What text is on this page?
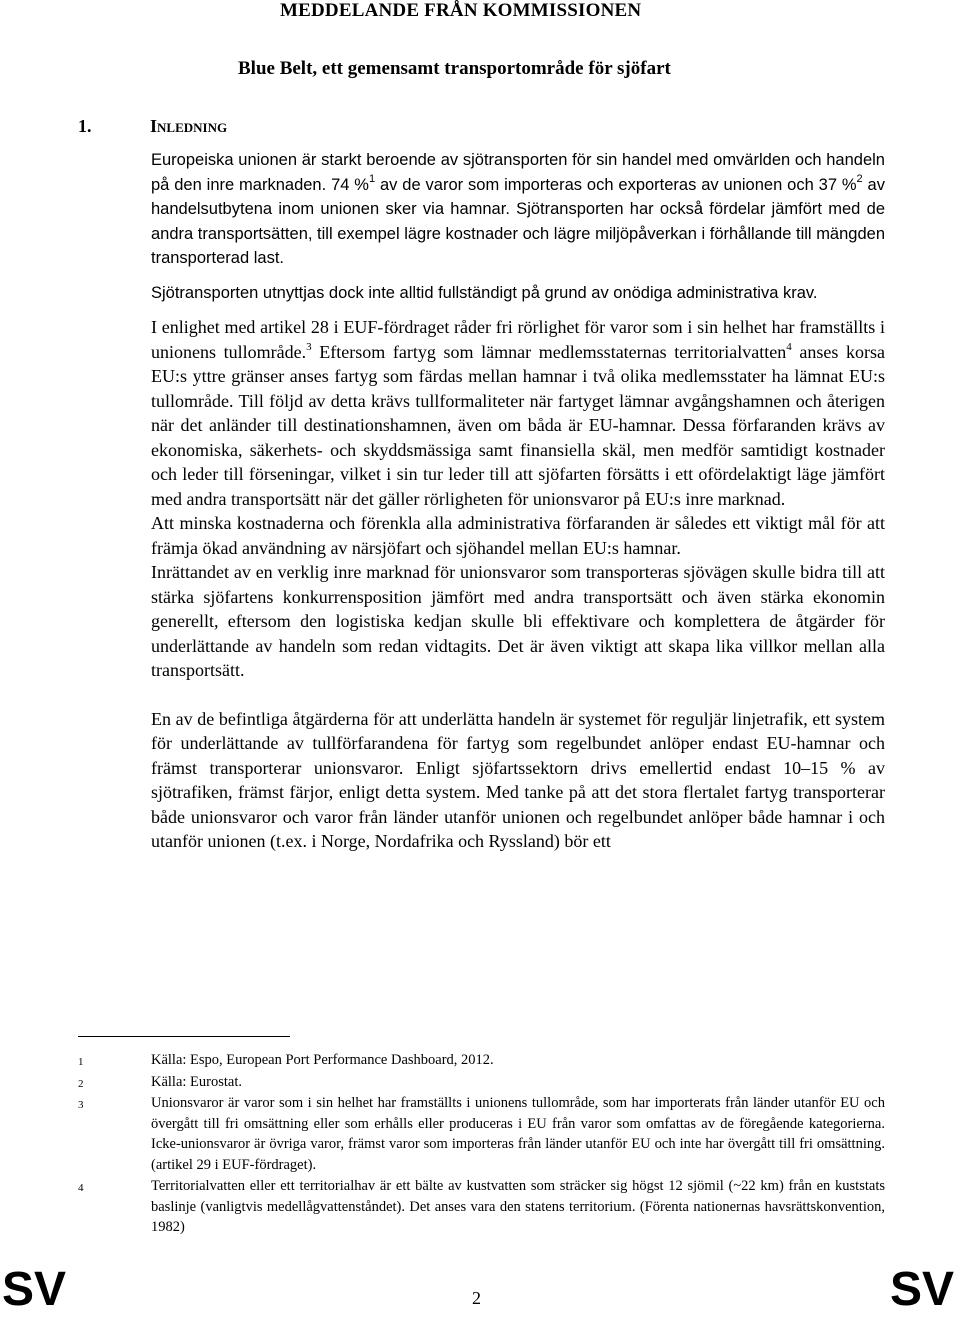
MEDDELANDE FRÅN KOMMISSIONEN
Blue Belt, ett gemensamt transportområde för sjöfart
1.	Inledning

Europeiska unionen är starkt beroende av sjötransporten för sin handel med omvärlden och handeln på den inre marknaden. 74 %$^1$ av de varor som importeras och exporteras av unionen och 37 %$^2$ av handelsutbytena inom unionen sker via hamnar. Sjötransporten har också fördelar jämfört med de andra transportsätten, till exempel lägre kostnader och lägre miljöpåverkan i förhållande till mängden transporterad last.

Sjötransporten utnyttjas dock inte alltid fullständigt på grund av onödiga administrativa krav.

I enlighet med artikel 28 i EUF-fördraget råder fri rörlighet för varor som i sin helhet har framställts i unionens tullområde.$^3$ Eftersom fartyg som lämnar medlemsstaternas territorialvatten$^4$ anses korsa EU:s yttre gränser anses fartyg som färdas mellan hamnar i två olika medlemsstater ha lämnat EU:s tullområde. Till följd av detta krävs tullformaliteter när fartyget lämnar avgångshamnen och återigen när det anländer till destinationshamnen, även om båda är EU-hamnar. Dessa förfaranden krävs av ekonomiska, säkerhets- och skyddsmässiga samt finansiella skäl, men medför samtidigt kostnader och leder till förseningar, vilket i sin tur leder till att sjöfarten försätts i ett ofördelaktigt läge jämfört med andra transportsätt när det gäller rörligheten för unionsvaror på EU:s inre marknad.

Att minska kostnaderna och förenkla alla administrativa förfaranden är således ett viktigt mål för att främja ökad användning av närsjöfart och sjöhandel mellan EU:s hamnar.

Inrättandet av en verklig inre marknad för unionsvaror som transporteras sjövägen skulle bidra till att stärka sjöfartens konkurrensposition jämfört med andra transportsätt och även stärka ekonomin generellt, eftersom den logistiska kedjan skulle bli effektivare och komplettera de åtgärder för underlättande av handeln som redan vidtagits. Det är även viktigt att skapa lika villkor mellan alla transportsätt.

En av de befintliga åtgärderna för att underlätta handeln är systemet för reguljär linjetrafik, ett system för underlättande av tullförfarandena för fartyg som regelbundet anlöper endast EU-hamnar och främst transporterar unionsvaror. Enligt sjöfartssektorn drivs emellertid endast 10–15 % av sjötrafiken, främst färjor, enligt detta system. Med tanke på att det stora flertalet fartyg transporterar både unionsvaror och varor från länder utanför unionen och regelbundet anlöper både hamnar i och utanför unionen (t.ex. i Norge, Nordafrika och Ryssland) bör ett

1	Källa: Espo, European Port Performance Dashboard, 2012.
2	Källa: Eurostat.
3	Unionsvaror är varor som i sin helhet har framställts i unionens tullområde, som har importerats från länder utanför EU och övergått till fri omsättning eller som erhålls eller produceras i EU från varor som omfattas av de föregående kategorierna. Icke-unionsvaror är övriga varor, främst varor som importeras från länder utanför EU och inte har övergått till fri omsättning. (artikel 29 i EUF-fördraget).
4	Territorialvatten eller ett territorialhav är ett bälte av kustvatten som sträcker sig högst 12 sjömil (~22 km) från en kuststats baslinje (vanligtvis medellågvattenståndet). Det anses vara den statens territorium. (Förenta nationernas havsrättskonvention, 1982)
SV	2	SV
